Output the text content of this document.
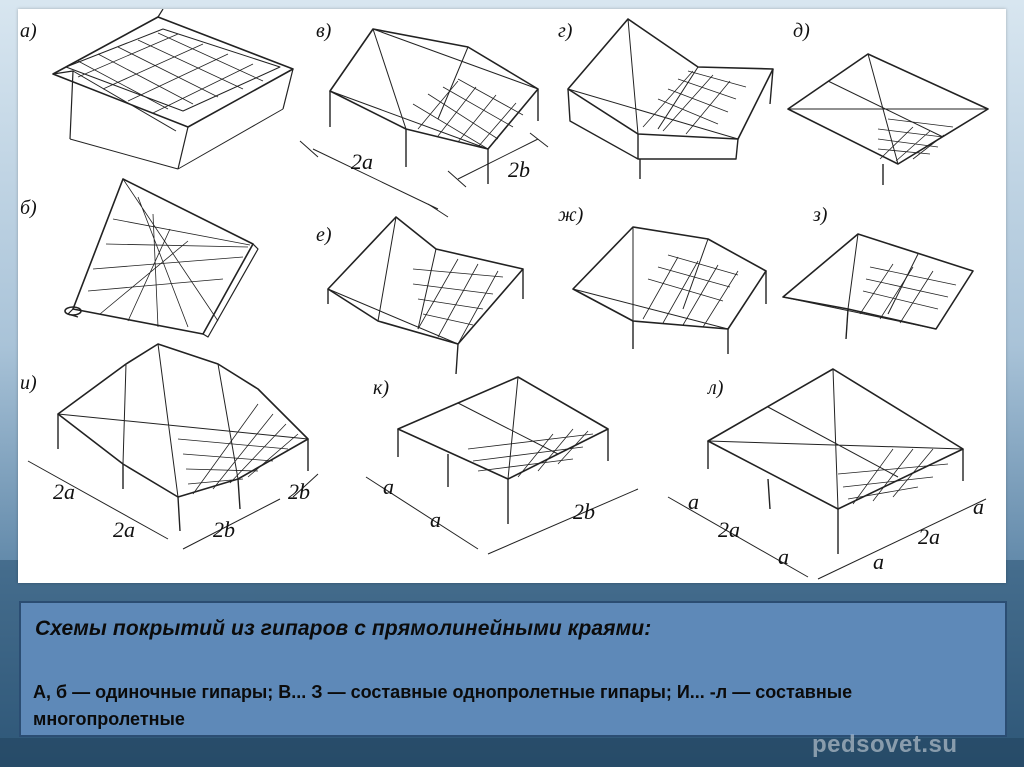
а)
б)
в)	г)	д)
е)
ж)	з)
и)	к)	л)
2a	2b
2a
2a	2b
2b	a
a	2b	a
2a
a	a
2a
a
Схемы покрытий из гипаров с прямолинейными краями:
А, б — одиночные гипары; В... З — составные однопролетные гипары; И... -л — составные многопролетные
pedsovet.su
